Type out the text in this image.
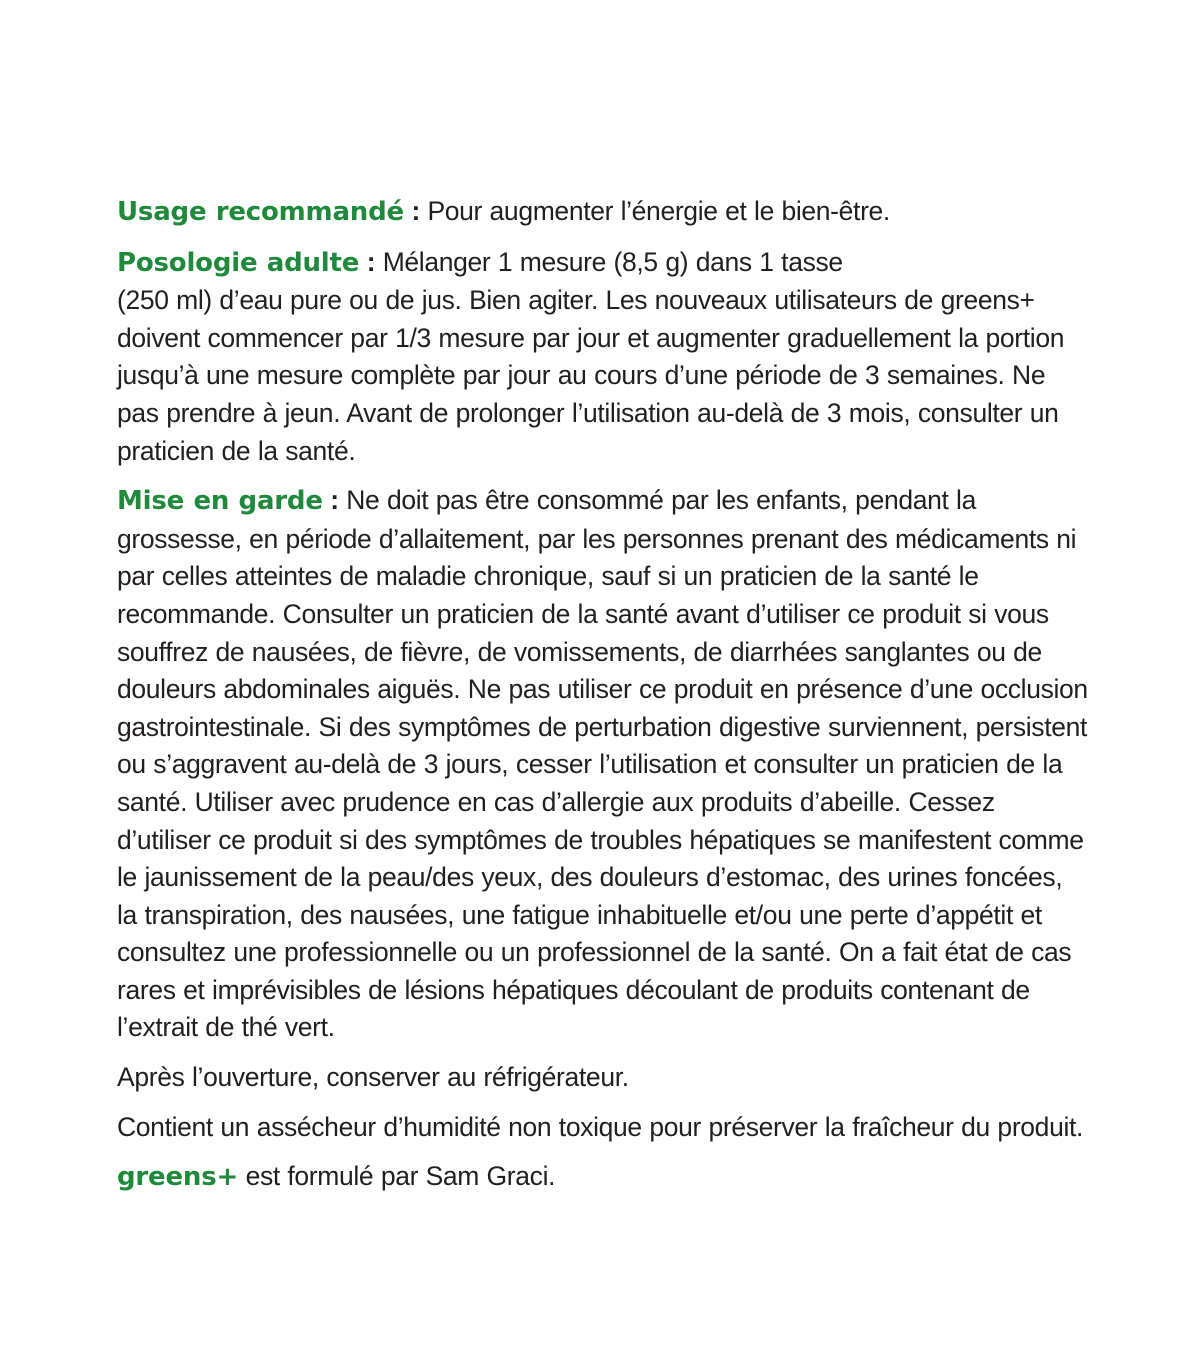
Usage recommandé : Pour augmenter l’énergie et le bien-être.

Posologie adulte : Mélanger 1 mesure (8,5 g) dans 1 tasse
(250 ml) d’eau pure ou de jus. Bien agiter. Les nouveaux utilisateurs de greens+
doivent commencer par 1/3 mesure par jour et augmenter graduellement la portion
jusqu’à une mesure complète par jour au cours d’une période de 3 semaines. Ne
pas prendre à jeun. Avant de prolonger l’utilisation au-delà de 3 mois, consulter un
praticien de la santé.

Mise en garde : Ne doit pas être consommé par les enfants, pendant la
grossesse, en période d’allaitement, par les personnes prenant des médicaments ni
par celles atteintes de maladie chronique, sauf si un praticien de la santé le
recommande. Consulter un praticien de la santé avant d’utiliser ce produit si vous
souffrez de nausées, de fièvre, de vomissements, de diarrhées sanglantes ou de
douleurs abdominales aiguës. Ne pas utiliser ce produit en présence d’une occlusion
gastrointestinale. Si des symptômes de perturbation digestive surviennent, persistent
ou s’aggravent au-delà de 3 jours, cesser l’utilisation et consulter un praticien de la
santé. Utiliser avec prudence en cas d’allergie aux produits d’abeille. Cessez
d’utiliser ce produit si des symptômes de troubles hépatiques se manifestent comme
le jaunissement de la peau/des yeux, des douleurs d’estomac, des urines foncées,
la transpiration, des nausées, une fatigue inhabituelle et/ou une perte d’appétit et
consultez une professionnelle ou un professionnel de la santé. On a fait état de cas
rares et imprévisibles de lésions hépatiques découlant de produits contenant de
l’extrait de thé vert.

Après l’ouverture, conserver au réfrigérateur.

Contient un assécheur d’humidité non toxique pour préserver la fraîcheur du produit.

greens+ est formulé par Sam Graci.
